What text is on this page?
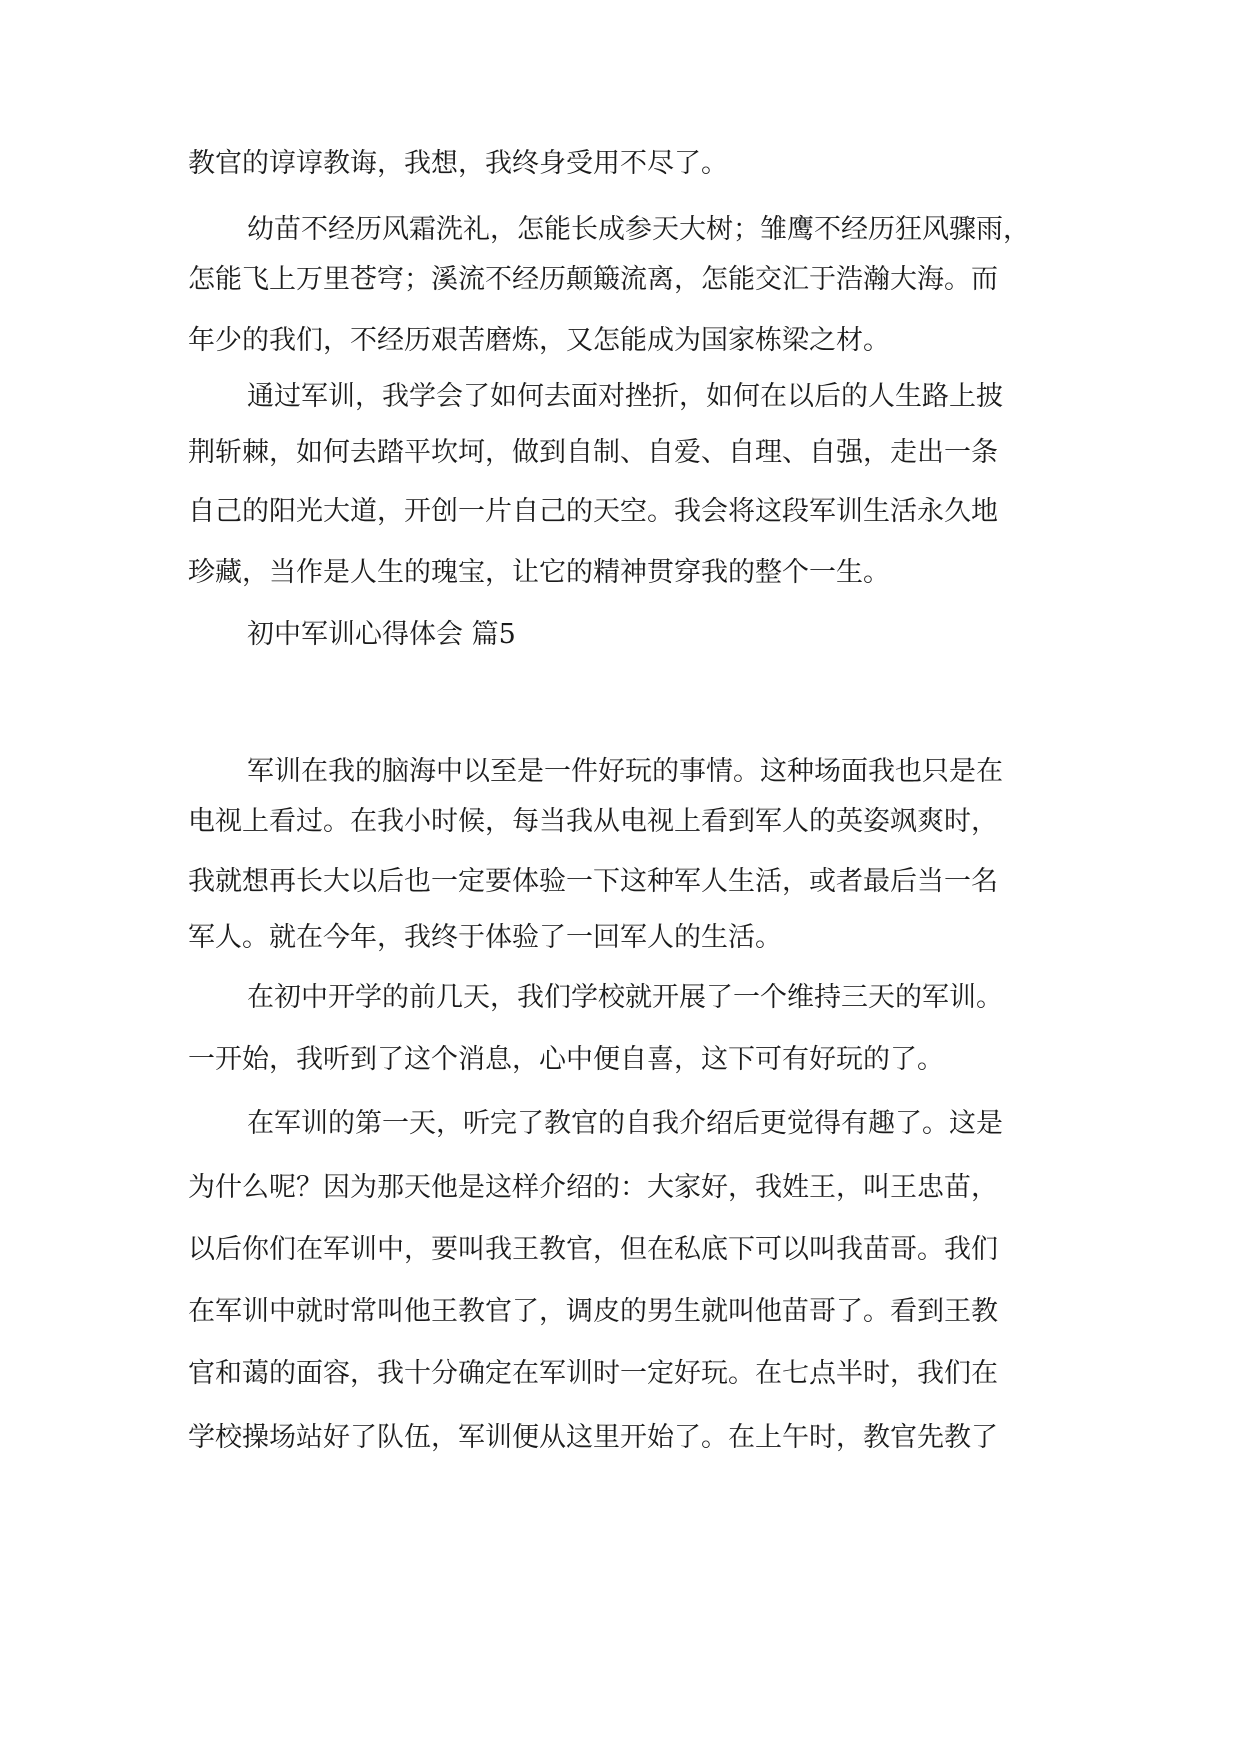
教官的谆谆教诲，我想，我终身受用不尽了。

幼苗不经历风霜洗礼，怎能长成参天大树；雏鹰不经历狂风骤雨，

怎能飞上万里苍穹；溪流不经历颠簸流离，怎能交汇于浩瀚大海。而

年少的我们，不经历艰苦磨炼，又怎能成为国家栋梁之材。

通过军训，我学会了如何去面对挫折，如何在以后的人生路上披

荆斩棘，如何去踏平坎坷，做到自制、自爱、自理、自强，走出一条

自己的阳光大道，开创一片自己的天空。我会将这段军训生活永久地

珍藏，当作是人生的瑰宝，让它的精神贯穿我的整个一生。

初中军训心得体会 篇5

军训在我的脑海中以至是一件好玩的事情。这种场面我也只是在

电视上看过。在我小时候，每当我从电视上看到军人的英姿飒爽时，

我就想再长大以后也一定要体验一下这种军人生活，或者最后当一名

军人。就在今年，我终于体验了一回军人的生活。

在初中开学的前几天，我们学校就开展了一个维持三天的军训。

一开始，我听到了这个消息，心中便自喜，这下可有好玩的了。

在军训的第一天，听完了教官的自我介绍后更觉得有趣了。这是

为什么呢？因为那天他是这样介绍的：大家好，我姓王，叫王忠苗，

以后你们在军训中，要叫我王教官，但在私底下可以叫我苗哥。我们

在军训中就时常叫他王教官了，调皮的男生就叫他苗哥了。看到王教

官和蔼的面容，我十分确定在军训时一定好玩。在七点半时，我们在

学校操场站好了队伍，军训便从这里开始了。在上午时，教官先教了
